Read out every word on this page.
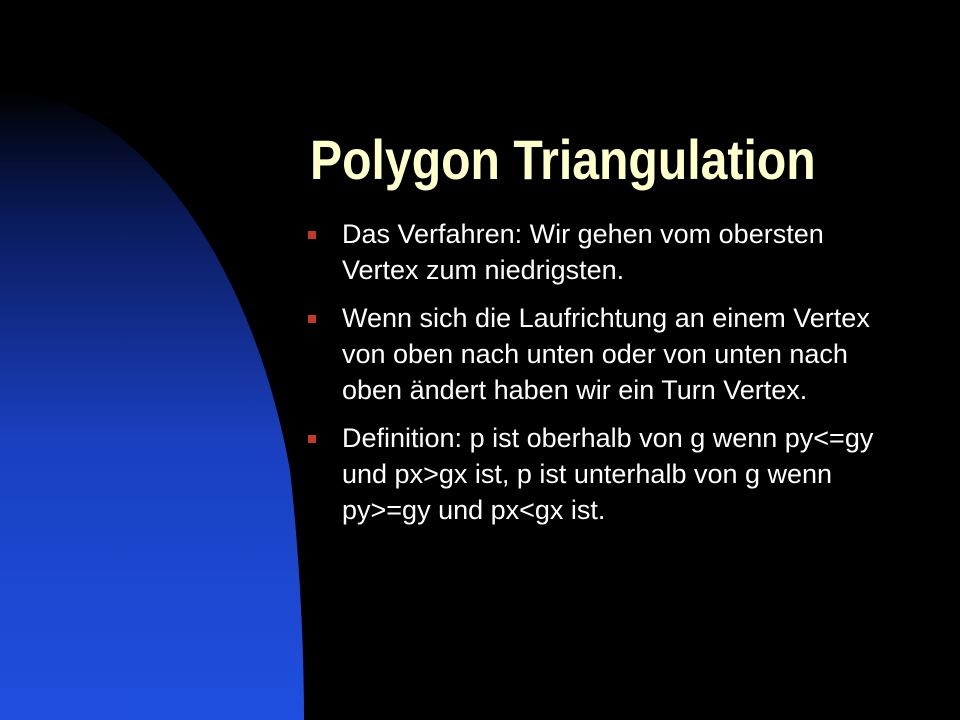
Polygon Triangulation
Das Verfahren: Wir gehen vom obersten Vertex zum niedrigsten.
Wenn sich die Laufrichtung an einem Vertex von oben nach unten oder von unten nach oben ändert haben wir ein Turn Vertex.
Definition: p ist oberhalb von g wenn py<=gy und px>gx ist, p ist unterhalb von g wenn py>=gy und px<gx ist.
